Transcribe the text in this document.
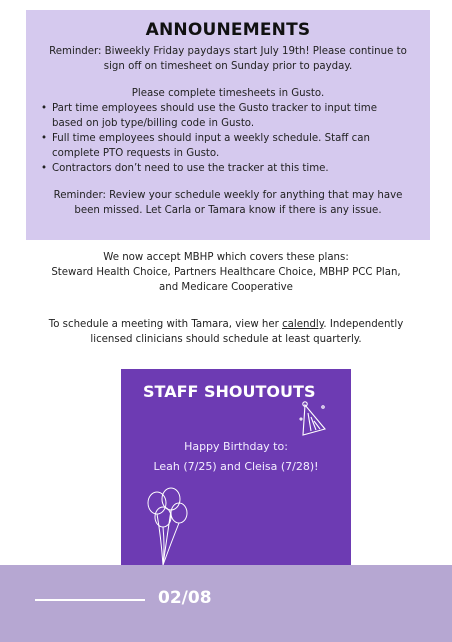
ANNOUNEMENTS

Reminder: Biweekly Friday paydays start July 19th! Please continue to

sign off on timesheet on Sunday prior to payday.

Please complete timesheets in Gusto.

• Part time employees should use the Gusto tracker to input time
based on job type/billing code in Gusto.
• Full time employees should input a weekly schedule. Staff can
complete PTO requests in Gusto.
• Contractors don’t need to use the tracker at this time.

Reminder: Review your schedule weekly for anything that may have

been missed. Let Carla or Tamara know if there is any issue.

We now accept MBHP which covers these plans:
Steward Health Choice, Partners Healthcare Choice, MBHP PCC Plan,
and Medicare Cooperative
To schedule a meeting with Tamara, view her calendly. Independently
licensed clinicians should schedule at least quarterly.
STAFF SHOUTOUTS
Happy Birthday to:
Leah (7/25) and Cleisa (7/28)!
02/08
